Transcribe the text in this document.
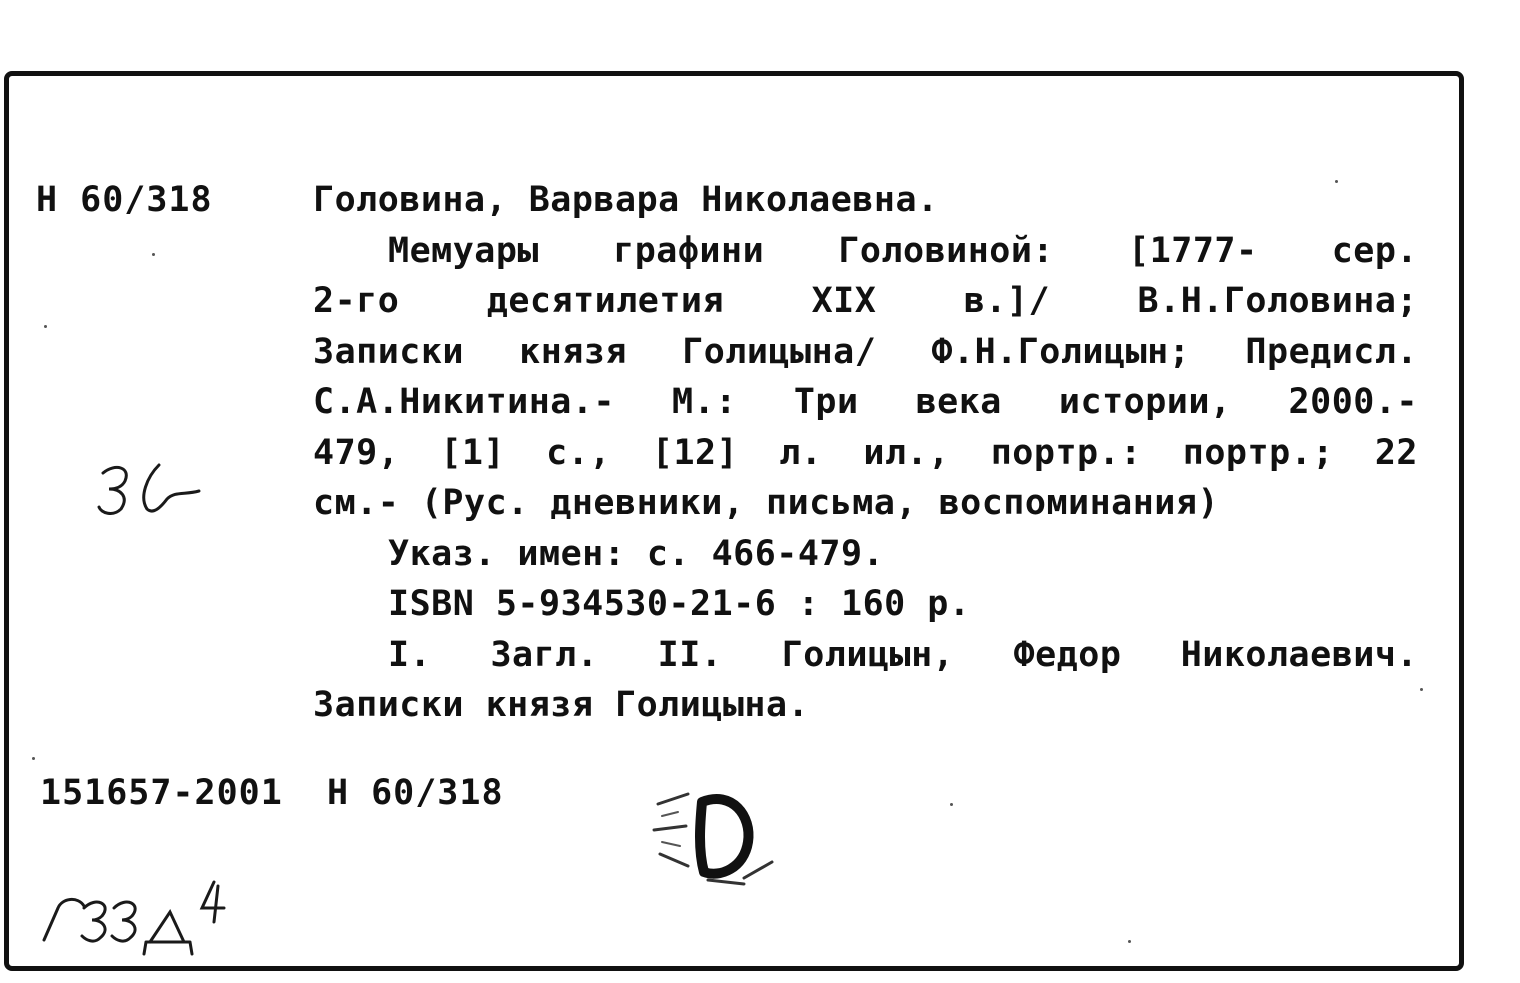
Н 60/318	Головина, Варвара Николаевна.
Мемуары графини Головиной: [1777- сер.
2-го десятилетия XIX в.]/ В.Н.Головина;
Записки князя Голицына/ Ф.Н.Голицын; Предисл.
С.А.Никитина.- М.: Три века истории, 2000.-
479, [1] с., [12] л. ил., портр.: портр.; 22
см.- (Рус. дневники, письма, воспоминания)
Указ. имен: с. 466-479.
ISBN 5-934530-21-6 : 160 р.
I. Загл. II. Голицын, Федор Николаевич.
Записки князя Голицына.
151657-2001 Н 60/318
